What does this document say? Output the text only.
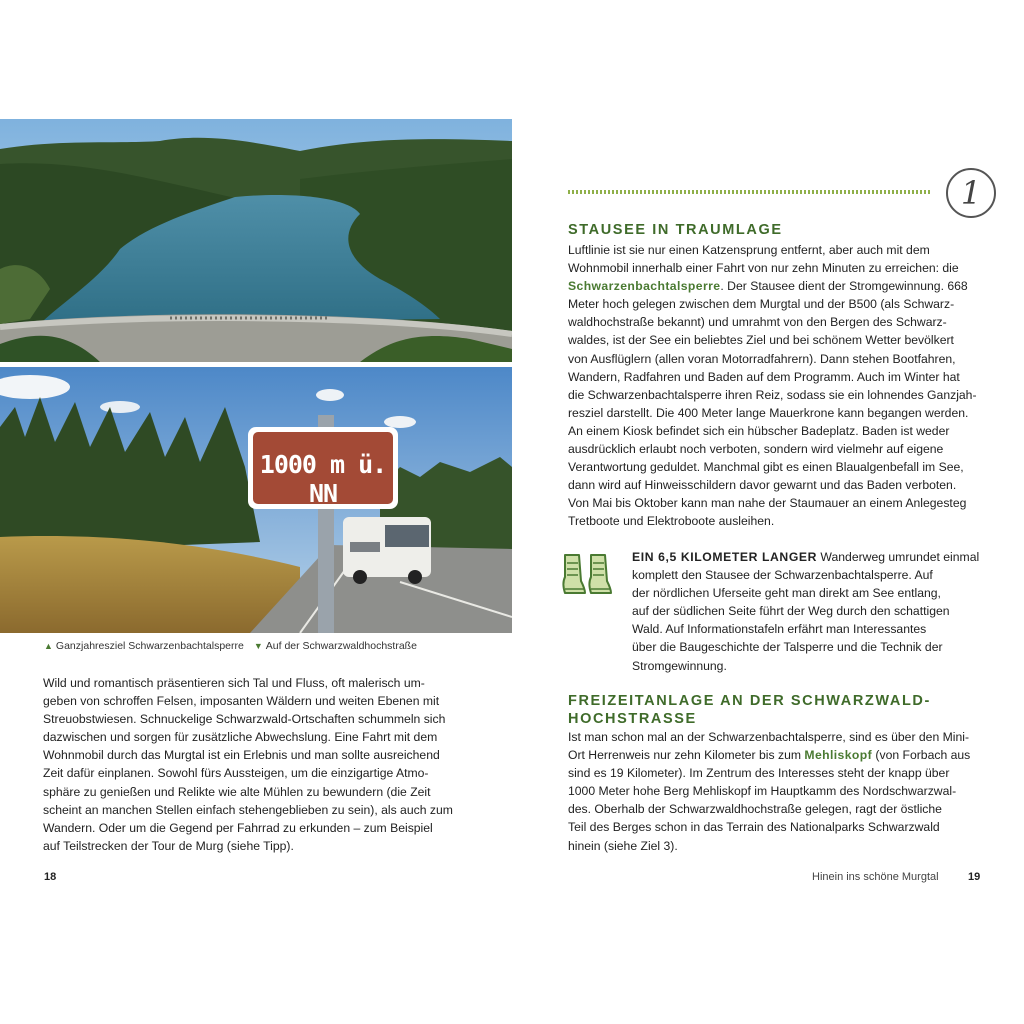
1000 m ü. NN
▲ Ganzjahresziel Schwarzenbachtalsperre ▼ Auf der Schwarzwaldhochstraße
Wild und romantisch präsentieren sich Tal und Fluss, oft malerisch um-
geben von schroffen Felsen, imposanten Wäldern und weiten Ebenen mit
Streuobstwiesen. Schnuckelige Schwarzwald-Ortschaften schummeln sich
dazwischen und sorgen für zusätzliche Abwechslung. Eine Fahrt mit dem
Wohnmobil durch das Murgtal ist ein Erlebnis und man sollte ausreichend
Zeit dafür einplanen. Sowohl fürs Aussteigen, um die einzigartige Atmo-
sphäre zu genießen und Relikte wie alte Mühlen zu bewundern (die Zeit
scheint an manchen Stellen einfach stehengeblieben zu sein), als auch zum
Wandern. Oder um die Gegend per Fahrrad zu erkunden – zum Beispiel
auf Teilstrecken der Tour de Murg (siehe Tipp).
18
1
STAUSEE IN TRAUMLAGE
Luftlinie ist sie nur einen Katzensprung entfernt, aber auch mit dem
Wohnmobil innerhalb einer Fahrt von nur zehn Minuten zu erreichen: die
Schwarzenbachtalsperre. Der Stausee dient der Stromgewinnung. 668
Meter hoch gelegen zwischen dem Murgtal und der B500 (als Schwarz-
waldhochstraße bekannt) und umrahmt von den Bergen des Schwarz-
waldes, ist der See ein beliebtes Ziel und bei schönem Wetter bevölkert
von Ausflüglern (allen voran Motorradfahrern). Dann stehen Bootfahren,
Wandern, Radfahren und Baden auf dem Programm. Auch im Winter hat
die Schwarzenbachtalsperre ihren Reiz, sodass sie ein lohnendes Ganzjah-
resziel darstellt. Die 400 Meter lange Mauerkrone kann begangen werden.
An einem Kiosk befindet sich ein hübscher Badeplatz. Baden ist weder
ausdrücklich erlaubt noch verboten, sondern wird vielmehr auf eigene
Verantwortung geduldet. Manchmal gibt es einen Blaualgenbefall im See,
dann wird auf Hinweisschildern davor gewarnt und das Baden verboten.
Von Mai bis Oktober kann man nahe der Staumauer an einem Anlegesteg
Tretboote und Elektroboote ausleihen.
EIN 6,5 KILOMETER LANGER Wanderweg umrundet einmal
komplett den Stausee der Schwarzenbachtalsperre. Auf
der nördlichen Uferseite geht man direkt am See entlang,
auf der südlichen Seite führt der Weg durch den schattigen
Wald. Auf Informationstafeln erfährt man Interessantes
über die Baugeschichte der Talsperre und die Technik der
Stromgewinnung.
FREIZEITANLAGE AN DER SCHWARZWALD-
HOCHSTRASSE
Ist man schon mal an der Schwarzenbachtalsperre, sind es über den Mini-
Ort Herrenweis nur zehn Kilometer bis zum Mehliskopf (von Forbach aus
sind es 19 Kilometer). Im Zentrum des Interesses steht der knapp über
1000 Meter hohe Berg Mehliskopf im Hauptkamm des Nordschwarzwal-
des. Oberhalb der Schwarzwaldhochstraße gelegen, ragt der östliche
Teil des Berges schon in das Terrain des Nationalparks Schwarzwald
hinein (siehe Ziel 3).
Hinein ins schöne Murgtal	19
